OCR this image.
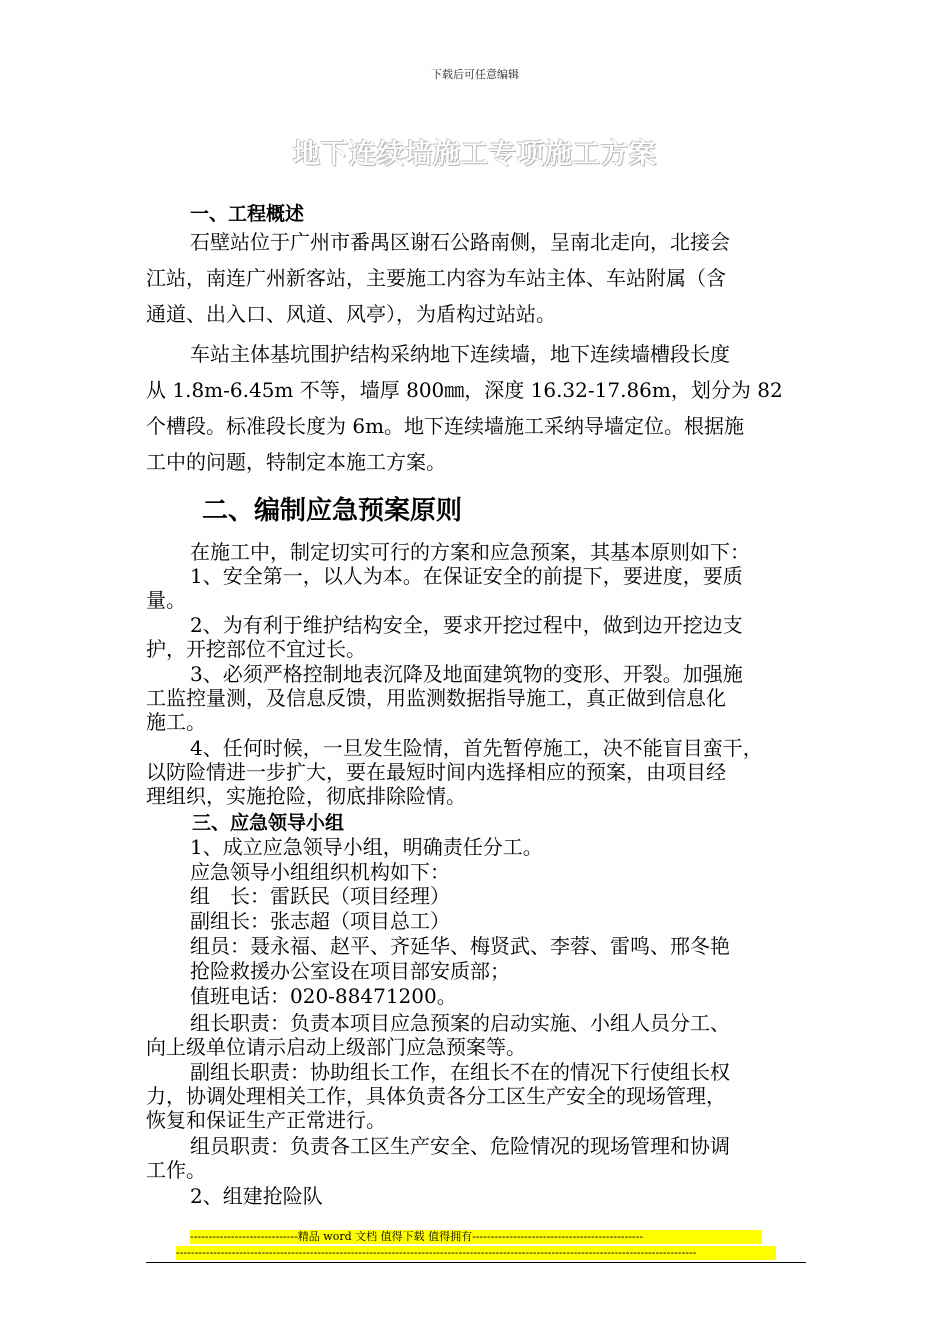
下载后可任意编辑
地下连续墙施工专项施工方案
一、工程概述
石壁站位于广州市番禺区谢石公路南侧，呈南北走向，北接会
江站，南连广州新客站，主要施工内容为车站主体、车站附属（含
通道、出入口、风道、风亭），为盾构过站站。
车站主体基坑围护结构采纳地下连续墙，地下连续墙槽段长度
从 1.8m-6.45m 不等，墙厚 800㎜，深度 16.32-17.86m，划分为 82
个槽段。标准段长度为 6m。地下连续墙施工采纳导墙定位。根据施
工中的问题，特制定本施工方案。
二、编制应急预案原则
在施工中，制定切实可行的方案和应急预案，其基本原则如下：
1、安全第一，以人为本。在保证安全的前提下，要进度，要质
量。
2、为有利于维护结构安全，要求开挖过程中，做到边开挖边支
护，开挖部位不宜过长。
3、必须严格控制地表沉降及地面建筑物的变形、开裂。加强施
工监控量测，及信息反馈，用监测数据指导施工，真正做到信息化
施工。
4、任何时候，一旦发生险情，首先暂停施工，决不能盲目蛮干，
以防险情进一步扩大，要在最短时间内选择相应的预案，由项目经
理组织，实施抢险，彻底排除险情。
三、应急领导小组
1、成立应急领导小组，明确责任分工。
应急领导小组组织机构如下：
组　长：雷跃民（项目经理）
副组长：张志超（项目总工）
组员：聂永福、赵平、齐延华、梅贤武、李蓉、雷鸣、邢冬艳
抢险救援办公室设在项目部安质部；
值班电话：020-88471200。
组长职责：负责本项目应急预案的启动实施、小组人员分工、
向上级单位请示启动上级部门应急预案等。
副组长职责：协助组长工作，在组长不在的情况下行使组长权
力，协调处理相关工作，具体负责各分工区生产安全的现场管理，
恢复和保证生产正常进行。
组员职责：负责各工区生产安全、危险情况的现场管理和协调
工作。
2、组建抢险队
-----------------------------精品 word 文档 值得下载 值得拥有----------------------------------------------
--------------------------------------------------------------------------------------------------------------------------------------------
